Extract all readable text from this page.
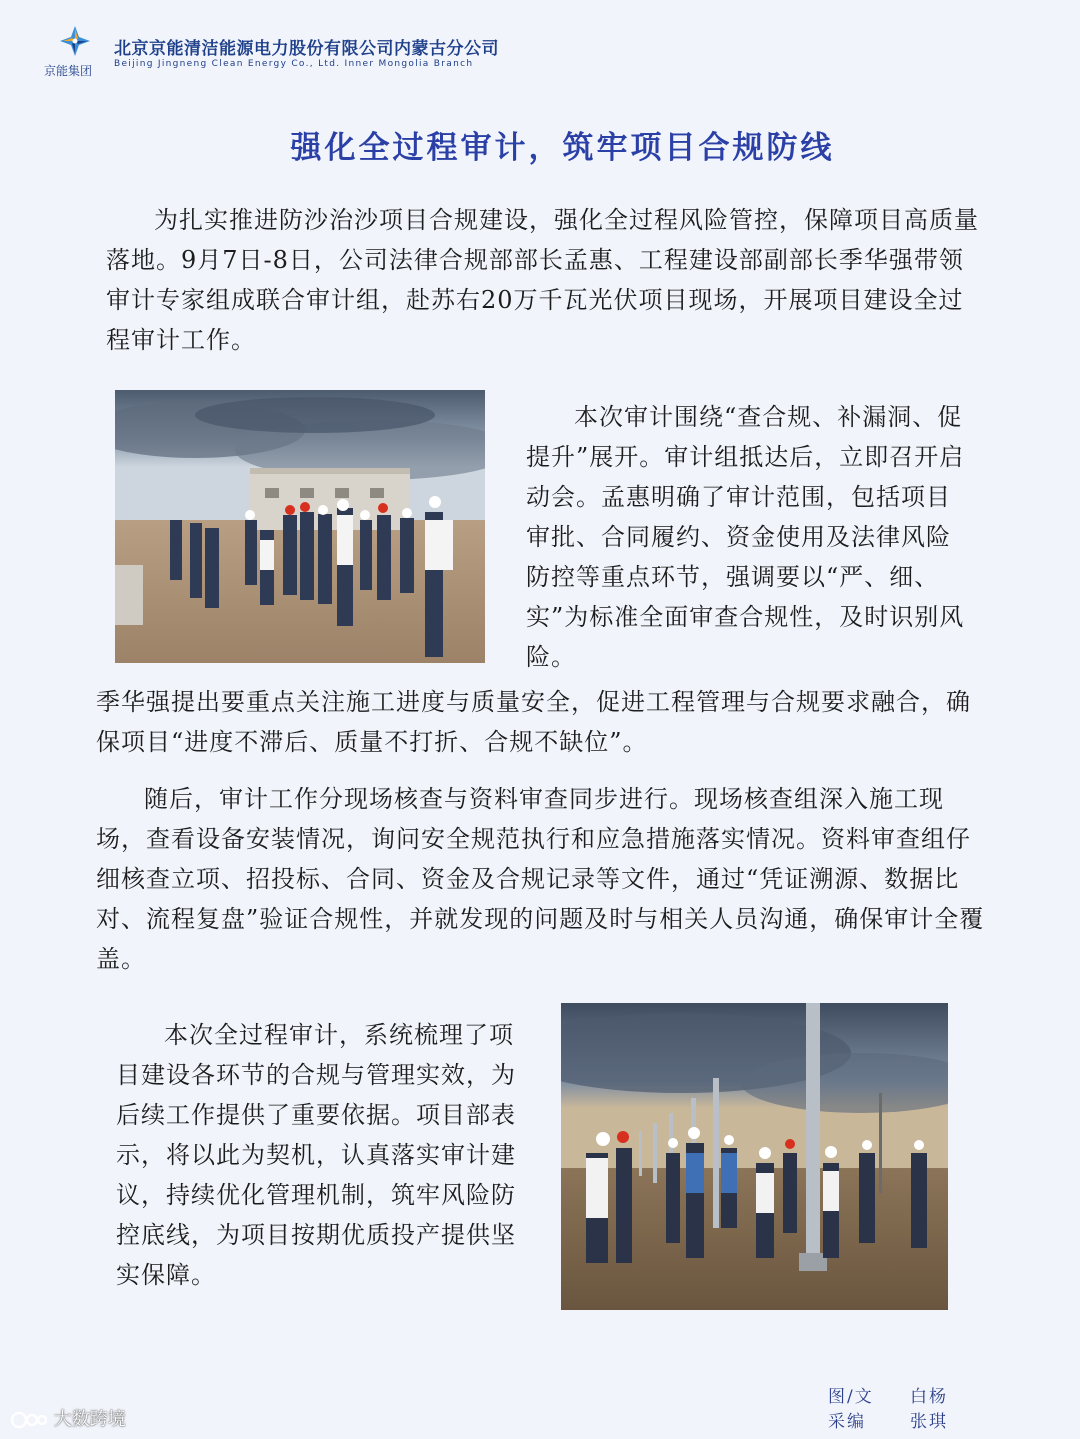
京能集团
北京京能清洁能源电力股份有限公司内蒙古分公司
Beijing Jingneng Clean Energy Co., Ltd. Inner Mongolia Branch
强化全过程审计，筑牢项目合规防线

为扎实推进防沙治沙项目合规建设，强化全过程风险管控，保障项目高质量落地。9月7日-8日，公司法律合规部部长孟惠、工程建设部副部长季华强带领审计专家组成联合审计组，赴苏右20万千瓦光伏项目现场，开展项目建设全过程审计工作。

本次审计围绕“查合规、补漏洞、促提升”展开。审计组抵达后，立即召开启动会。孟惠明确了审计范围，包括项目审批、合同履约、资金使用及法律风险防控等重点环节，强调要以“严、细、实”为标准全面审查合规性，及时识别风险。

季华强提出要重点关注施工进度与质量安全，促进工程管理与合规要求融合，确保项目“进度不滞后、质量不打折、合规不缺位”。

随后，审计工作分现场核查与资料审查同步进行。现场核查组深入施工现场，查看设备安装情况，询问安全规范执行和应急措施落实情况。资料审查组仔细核查立项、招投标、合同、资金及合规记录等文件，通过“凭证溯源、数据比对、流程复盘”验证合规性，并就发现的问题及时与相关人员沟通，确保审计全覆盖。

本次全过程审计，系统梳理了项目建设各环节的合规与管理实效，为后续工作提供了重要依据。项目部表示，将以此为契机，认真落实审计建议，持续优化管理机制，筑牢风险防控底线，为项目按期优质投产提供坚实保障。

图/文 白杨
采编	张琪
大数跨境
